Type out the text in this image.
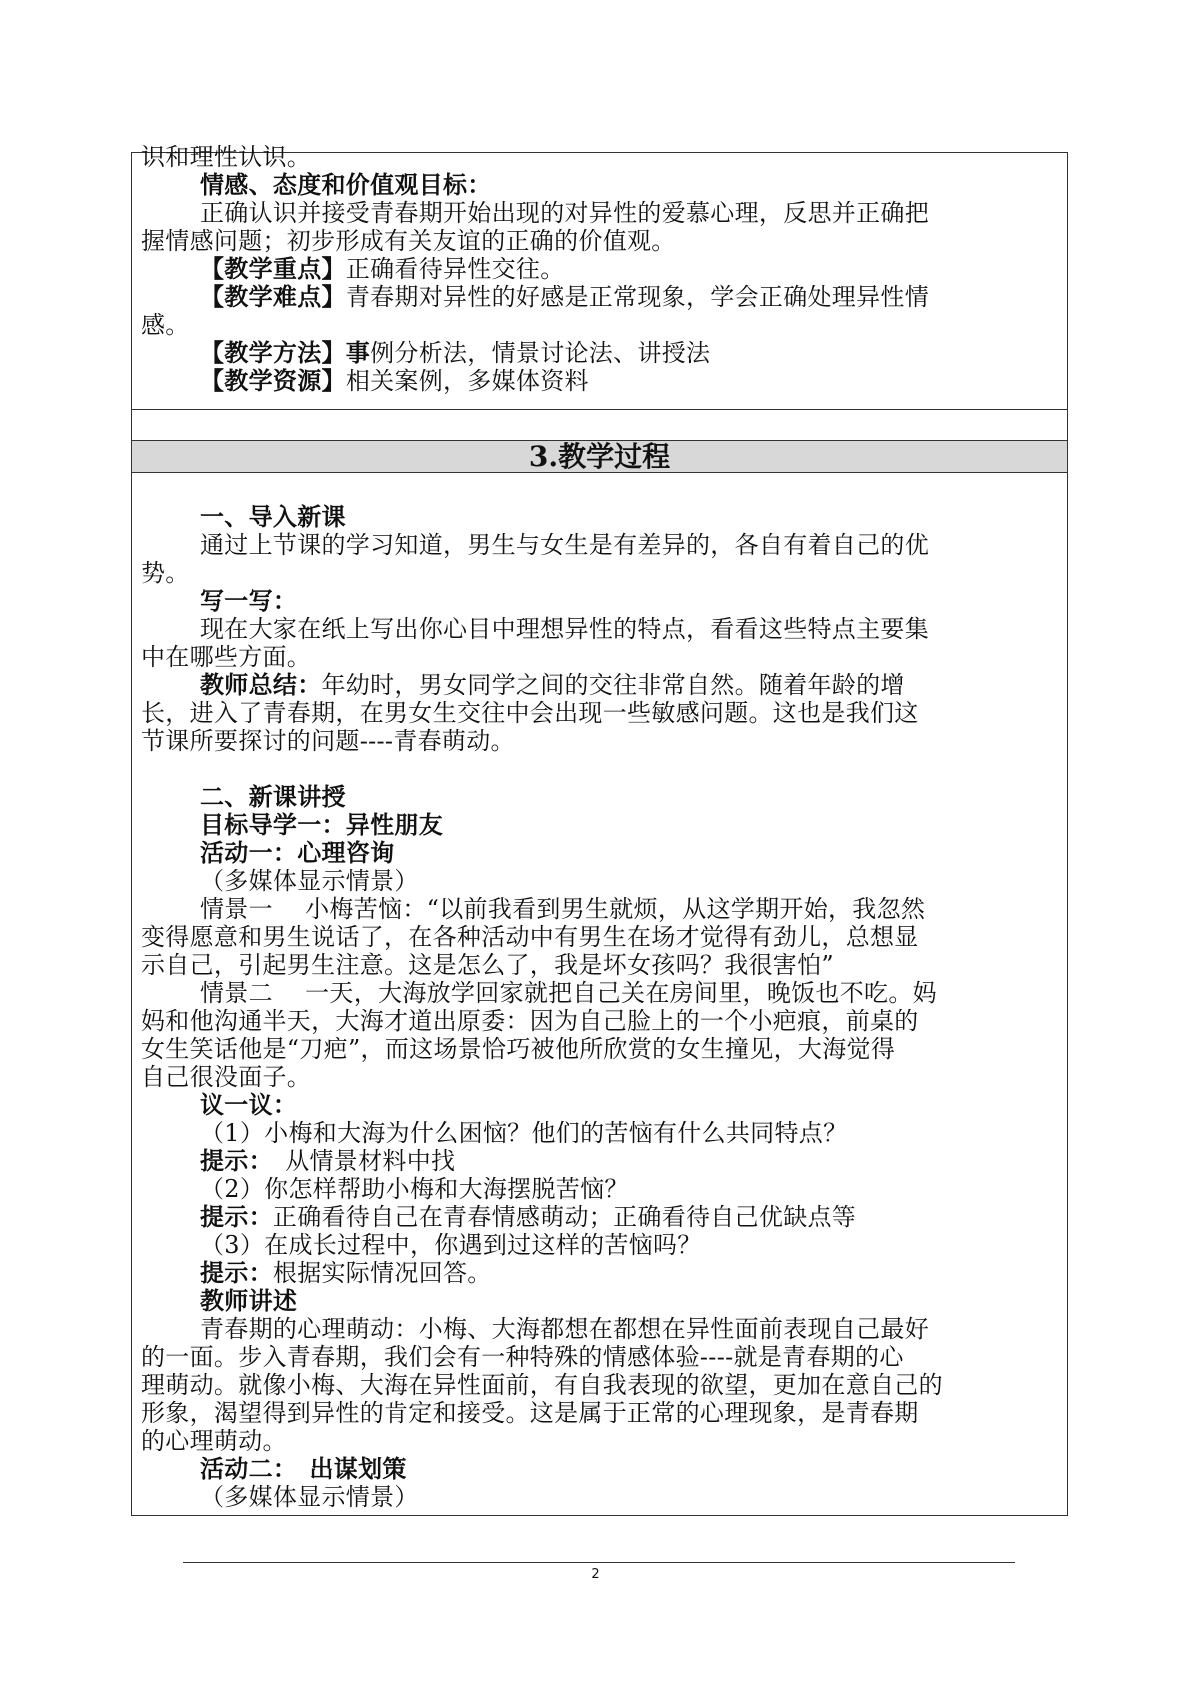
3.教学过程

识和理性认识。

情感、态度和价值观目标：

正确认识并接受青春期开始出现的对异性的爱慕心理，反思并正确把

握情感问题；初步形成有关友谊的正确的价值观。

【教学重点】正确看待异性交往。

【教学难点】青春期对异性的好感是正常现象，学会正确处理异性情

感。

【教学方法】事例分析法，情景讨论法、讲授法

【教学资源】相关案例，多媒体资料

一、导入新课

通过上节课的学习知道，男生与女生是有差异的，各自有着自己的优

势。

写一写：

现在大家在纸上写出你心目中理想异性的特点，看看这些特点主要集

中在哪些方面。

教师总结：年幼时，男女同学之间的交往非常自然。随着年龄的增

长，进入了青春期，在男女生交往中会出现一些敏感问题。这也是我们这

节课所要探讨的问题----青春萌动。

二、新课讲授

目标导学一：异性朋友

活动一：心理咨询

（多媒体显示情景）

情景一　 小梅苦恼：“以前我看到男生就烦，从这学期开始，我忽然

变得愿意和男生说话了，在各种活动中有男生在场才觉得有劲儿，总想显

示自己，引起男生注意。这是怎么了，我是坏女孩吗？我很害怕”

情景二　 一天，大海放学回家就把自己关在房间里，晚饭也不吃。妈

妈和他沟通半天，大海才道出原委：因为自己脸上的一个小疤痕，前桌的

女生笑话他是“刀疤”，而这场景恰巧被他所欣赏的女生撞见，大海觉得

自己很没面子。

议一议：

（1）小梅和大海为什么困恼？他们的苦恼有什么共同特点？

提示：　从情景材料中找

（2）你怎样帮助小梅和大海摆脱苦恼？

提示：正确看待自己在青春情感萌动；正确看待自己优缺点等

（3）在成长过程中，你遇到过这样的苦恼吗？

提示：根据实际情况回答。

教师讲述

青春期的心理萌动：小梅、大海都想在都想在异性面前表现自己最好

的一面。步入青春期，我们会有一种特殊的情感体验----就是青春期的心

理萌动。就像小梅、大海在异性面前，有自我表现的欲望，更加在意自己的

形象，渴望得到异性的肯定和接受。这是属于正常的心理现象，是青春期

的心理萌动。

活动二：　出谋划策

（多媒体显示情景）

2
